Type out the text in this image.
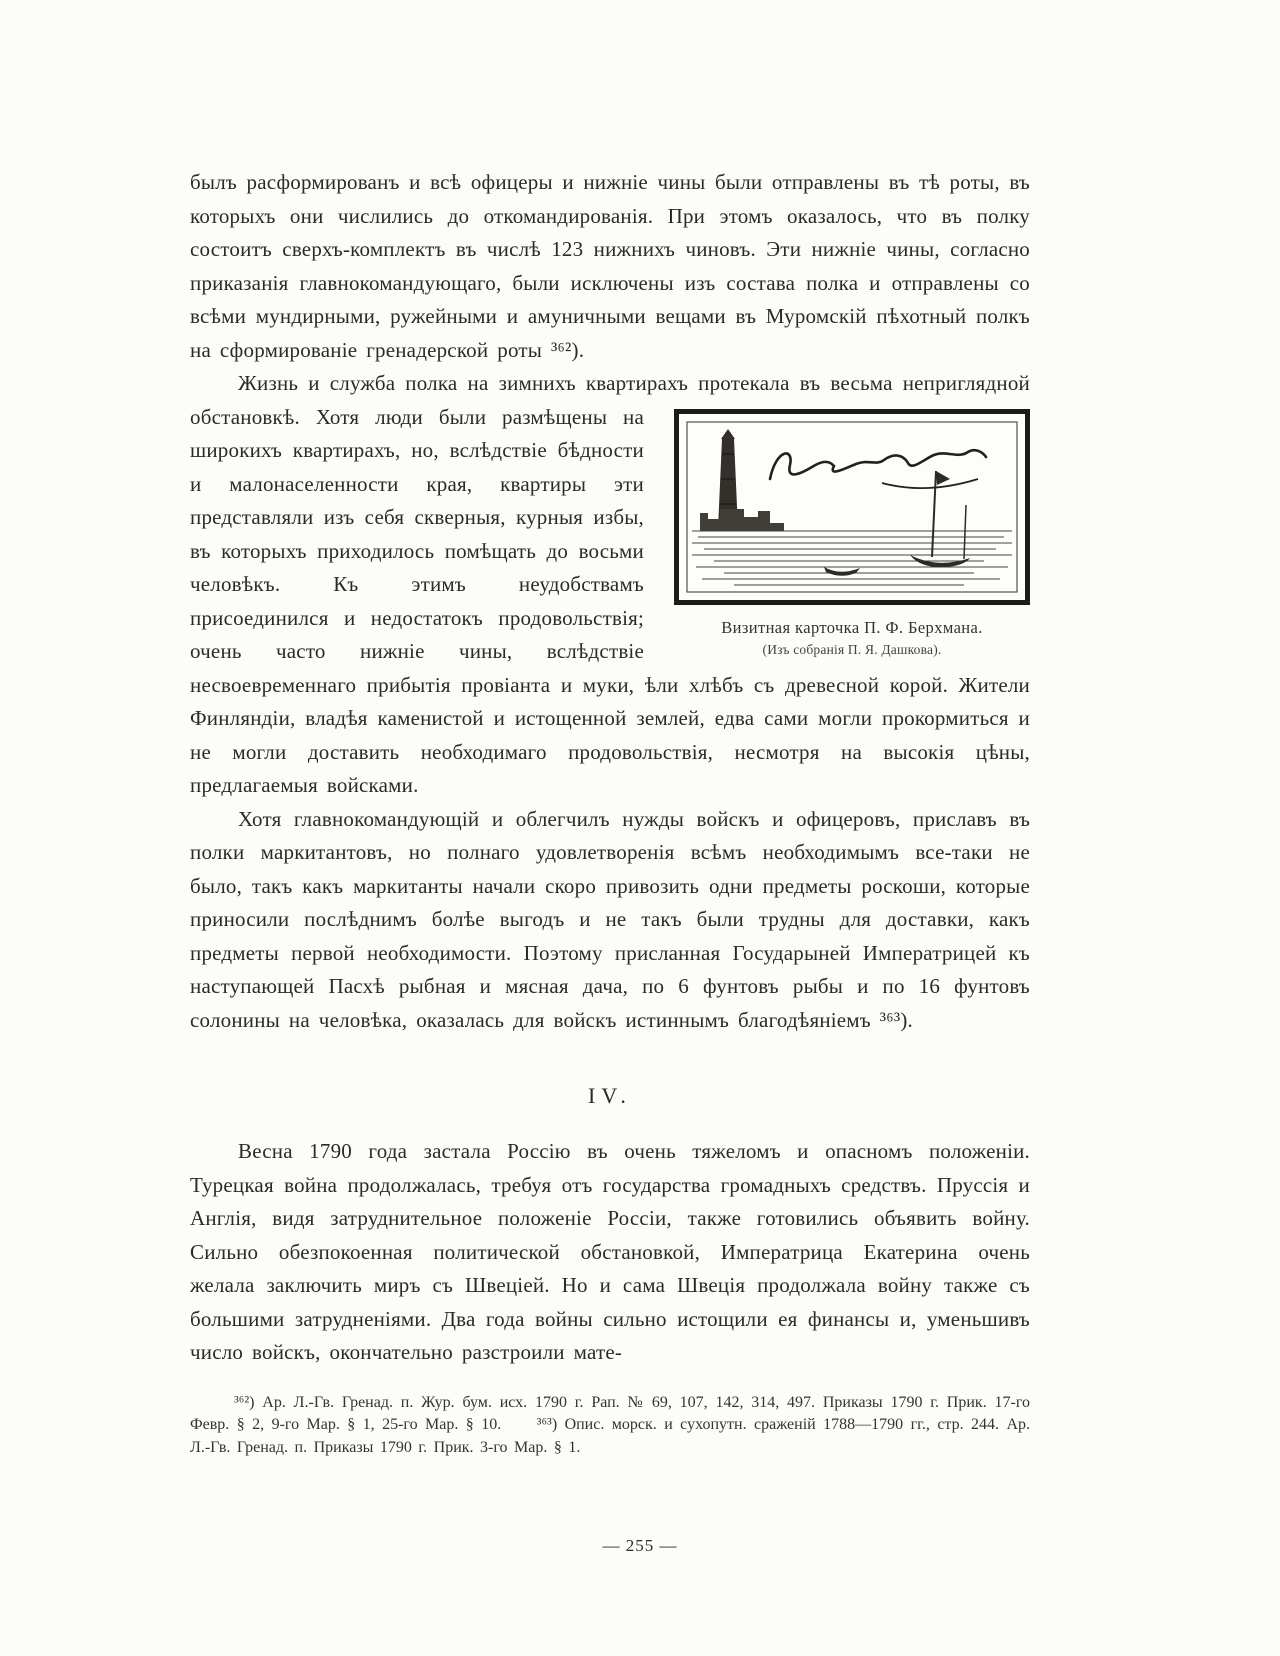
былъ расформированъ и всѣ офицеры и нижніе чины были отправлены въ тѣ роты, въ которыхъ они числились до откомандированія. При этомъ оказалось, что въ полку состоитъ сверхъ-комплектъ въ числѣ 123 нижнихъ чиновъ. Эти нижніе чины, согласно приказанія главнокомандующаго, были исключены изъ состава полка и отправлены со всѣми мундирными, ружейными и амуничными вещами въ Муромскій пѣхотный полкъ на сформированіе гренадерской роты ³⁶²).

Жизнь и служба полка на зимнихъ квартирахъ протекала въ весьма неприглядной обстановкѣ.
Визитная карточка П. Ф. Берхмана.
(Изъ собранія П. Я. Дашкова).
Хотя люди были размѣщены на широкихъ квартирахъ, но, вслѣдствіе бѣдности и малонаселенности края, квартиры эти представляли изъ себя скверныя, курныя избы, въ которыхъ приходилось помѣщать до восьми человѣкъ. Къ этимъ неудобствамъ присоединился и недостатокъ продовольствія; очень часто нижніе чины, вслѣдствіе несвоевременнаго прибытія провіанта и муки, ѣли хлѣбъ съ древесной корой. Жители Финляндіи, владѣя каменистой и истощенной землей, едва сами могли прокормиться и не могли доставить необходимаго продовольствія, несмотря на высокія цѣны, предлагаемыя войсками.

Хотя главнокомандующій и облегчилъ нужды войскъ и офицеровъ, приславъ въ полки маркитантовъ, но полнаго удовлетворенія всѣмъ необходимымъ все-таки не было, такъ какъ маркитанты начали скоро привозить одни предметы роскоши, которые приносили послѣднимъ болѣе выгодъ и не такъ были трудны для доставки, какъ предметы первой необходимости. Поэтому присланная Государыней Императрицей къ наступающей Пасхѣ рыбная и мясная дача, по 6 фунтовъ рыбы и по 16 фунтовъ солонины на человѣка, оказалась для войскъ истиннымъ благодѣяніемъ ³⁶³).

IV.

Весна 1790 года застала Россію въ очень тяжеломъ и опасномъ положеніи. Турецкая война продолжалась, требуя отъ государства громадныхъ средствъ. Пруссія и Англія, видя затруднительное положеніе Россіи, также готовились объявить войну. Сильно обезпокоенная политической обстановкой, Императрица Екатерина очень желала заключить миръ съ Швеціей. Но и сама Швеція продолжала войну также съ большими затрудненіями. Два года войны сильно истощили ея финансы и, уменьшивъ число войскъ, окончательно разстроили мате-

³⁶²) Ар. Л.-Гв. Гренад. п. Жур. бум. исх. 1790 г. Рап. № 69, 107, 142, 314, 497. Приказы 1790 г. Прик. 17-го Февр. § 2, 9-го Мар. § 1, 25-го Мар. § 10. ³⁶³) Опис. морск. и сухопутн. сраженій 1788—1790 гг., стр. 244. Ар. Л.-Гв. Гренад. п. Приказы 1790 г. Прик. 3-го Мар. § 1.

— 255 —
